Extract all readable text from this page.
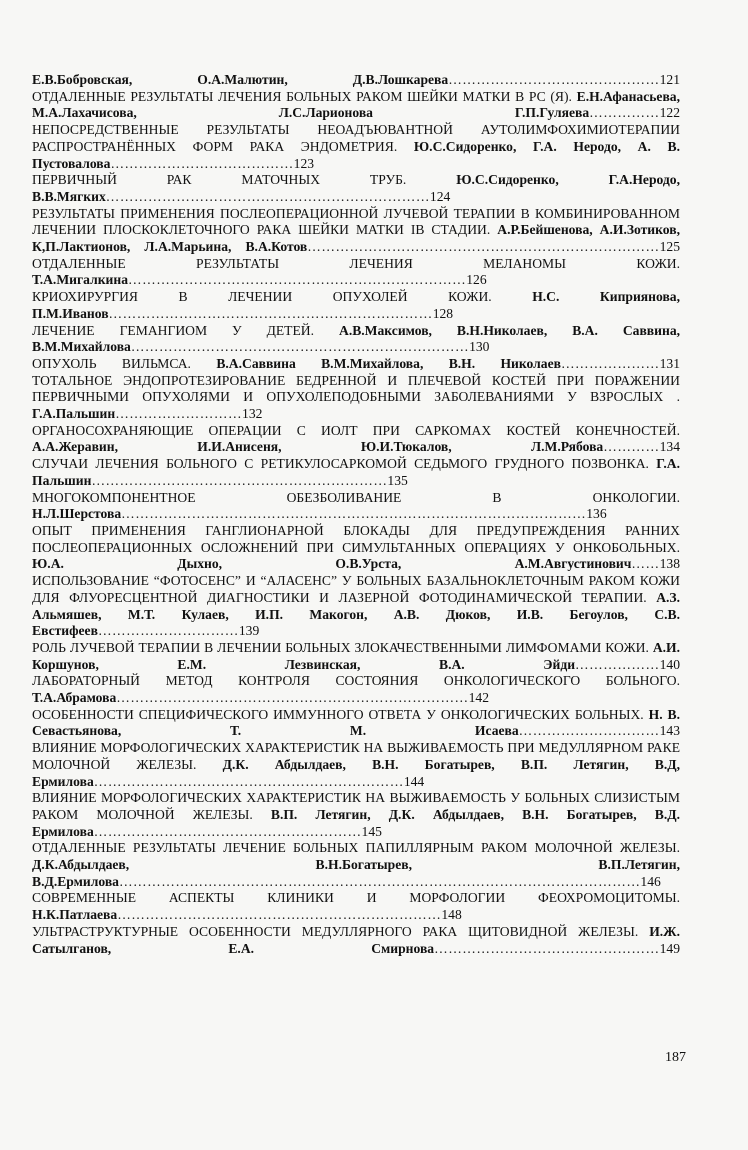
Е.В.Бобровская, О.А.Малютин, Д.В.Лошкарева………………………………………121

ОТДАЛЕННЫЕ РЕЗУЛЬТАТЫ ЛЕЧЕНИЯ БОЛЬНЫХ РАКОМ ШЕЙКИ МАТКИ В РС (Я). Е.Н.Афанасьева, М.А.Лахачисова, Л.С.Ларионова Г.П.Гуляева……………122

НЕПОСРЕДСТВЕННЫЕ РЕЗУЛЬТАТЫ НЕОАДЪЮВАНТНОЙ АУТОЛИМФОХИМИОТЕРАПИИ РАСПРОСТРАНЁННЫХ ФОРМ РАКА ЭНДОМЕТРИЯ. Ю.С.Сидоренко, Г.А. Неродо, А. В. Пустовалова…………………………………123

ПЕРВИЧНЫЙ РАК МАТОЧНЫХ ТРУБ.	Ю.С.Сидоренко, Г.А.Неродо, В.В.Мягких……………………………………………………………124

РЕЗУЛЬТАТЫ ПРИМЕНЕНИЯ ПОСЛЕОПЕРАЦИОННОЙ ЛУЧЕВОЙ ТЕРАПИИ В КОМБИНИРОВАННОМ ЛЕЧЕНИИ ПЛОСКОКЛЕТОЧНОГО РАКА ШЕЙКИ МАТКИ IB СТАДИИ. А.Р.Бейшенова, А.И.Зотиков, К,П.Лактионов, Л.А.Марьина, В.А.Котов…………………………………………………………………125

ОТДАЛЕННЫЕ РЕЗУЛЬТАТЫ ЛЕЧЕНИЯ МЕЛАНОМЫ КОЖИ. Т.А.Мигалкина………………………………………………………………126

КРИОХИРУРГИЯ В ЛЕЧЕНИИ ОПУХОЛЕЙ КОЖИ.	Н.С. Киприянова, П.М.Иванов……………………………………………………………128

ЛЕЧЕНИЕ ГЕМАНГИОМ У ДЕТЕЙ. А.В.Максимов, В.Н.Николаев, В.А. Саввина, В.М.Михайлова………………………………………………………………130

ОПУХОЛЬ ВИЛЬМСА. В.А.Саввина В.М.Михайлова, В.Н. Николаев…………………131

ТОТАЛЬНОЕ ЭНДОПРОТЕЗИРОВАНИЕ БЕДРЕННОЙ И ПЛЕЧЕВОЙ КОСТЕЙ ПРИ ПОРАЖЕНИИ ПЕРВИЧНЫМИ ОПУХОЛЯМИ И ОПУХОЛЕПОДОБНЫМИ ЗАБОЛЕВАНИЯМИ У ВЗРОСЛЫХ . Г.А.Пальшин………………………132

ОРГАНОСОХРАНЯЮЩИЕ ОПЕРАЦИИ С ИОЛТ ПРИ САРКОМАХ КОСТЕЙ КОНЕЧНОСТЕЙ. А.А.Жеравин, И.И.Анисеня, Ю.И.Тюкалов, Л.М.Рябова…………134

СЛУЧАИ ЛЕЧЕНИЯ БОЛЬНОГО С РЕТИКУЛОСАРКОМОЙ СЕДЬМОГО ГРУДНОГО ПОЗВОНКА. Г.А. Пальшин………………………………………………………135

МНОГОКОМПОНЕНТНОЕ ОБЕЗБОЛИВАНИЕ В ОНКОЛОГИИ. Н.Л.Шерстова………………………………………………………………………………………136

ОПЫТ ПРИМЕНЕНИЯ ГАНГЛИОНАРНОЙ БЛОКАДЫ ДЛЯ ПРЕДУПРЕЖДЕНИЯ РАННИХ ПОСЛЕОПЕРАЦИОННЫХ ОСЛОЖНЕНИЙ ПРИ СИМУЛЬТАННЫХ ОПЕРАЦИЯХ У ОНКОБОЛЬНЫХ. Ю.А. Дыхно, О.В.Урста, А.М.Августинович……138

ИСПОЛЬЗОВАНИЕ “ФОТОСЕНС” И “АЛАСЕНС” У БОЛЬНЫХ БАЗАЛЬНОКЛЕТОЧНЫМ РАКОМ КОЖИ ДЛЯ ФЛУОРЕСЦЕНТНОЙ ДИАГНОСТИКИ И ЛАЗЕРНОЙ ФОТОДИНАМИЧЕСКОЙ ТЕРАПИИ. А.З. Альмяшев, М.Т. Кулаев, И.П. Макогон, А.В. Дюков, И.В. Бегоулов, С.В. Евстифеев…………………………139

РОЛЬ ЛУЧЕВОЙ ТЕРАПИИ В ЛЕЧЕНИИ БОЛЬНЫХ ЗЛОКАЧЕСТВЕННЫМИ ЛИМФОМАМИ КОЖИ. А.И. Коршунов, Е.М. Лезвинская, В.А. Эйди………………140

ЛАБОРАТОРНЫЙ МЕТОД КОНТРОЛЯ СОСТОЯНИЯ ОНКОЛОГИЧЕСКОГО БОЛЬНОГО. Т.А.Абрамова…………………………………………………………………142

ОСОБЕННОСТИ СПЕЦИФИЧЕСКОГО ИММУННОГО ОТВЕТА У ОНКОЛОГИЧЕСКИХ БОЛЬНЫХ. Н. В. Севастьянова, Т. М. Исаева…………………………143

ВЛИЯНИЕ МОРФОЛОГИЧЕСКИХ ХАРАКТЕРИСТИК НА ВЫЖИВАЕМОСТЬ ПРИ МЕДУЛЛЯРНОМ РАКЕ МОЛОЧНОЙ ЖЕЛЕЗЫ. Д.К. Абдылдаев, В.Н. Богатырев, В.П. Летягин, В.Д, Ермилова…………………………………………………………144

ВЛИЯНИЕ МОРФОЛОГИЧЕСКИХ ХАРАКТЕРИСТИК НА ВЫЖИВАЕМОСТЬ У БОЛЬНЫХ СЛИЗИСТЫМ РАКОМ МОЛОЧНОЙ ЖЕЛЕЗЫ. В.П. Летягин, Д.К. Абдылдаев, В.Н. Богатырев, В.Д. Ермилова…………………………………………………145

ОТДАЛЕННЫЕ РЕЗУЛЬТАТЫ ЛЕЧЕНИЕ БОЛЬНЫХ ПАПИЛЛЯРНЫМ РАКОМ МОЛОЧНОЙ ЖЕЛЕЗЫ. Д.К.Абдылдаев, В.Н.Богатырев, В.П.Летягин, В.Д.Ермилова…………………………………………………………………………………………………146

СОВРЕМЕННЫЕ АСПЕКТЫ КЛИНИКИ И МОРФОЛОГИИ ФЕОХРОМОЦИТОМЫ. Н.К.Патлаева……………………………………………………………148

УЛЬТРАСТРУКТУРНЫЕ ОСОБЕННОСТИ МЕДУЛЛЯРНОГО РАКА ЩИТОВИДНОЙ ЖЕЛЕЗЫ. И.Ж. Сатылганов, Е.А. Смирнова…………………………………………149

187
